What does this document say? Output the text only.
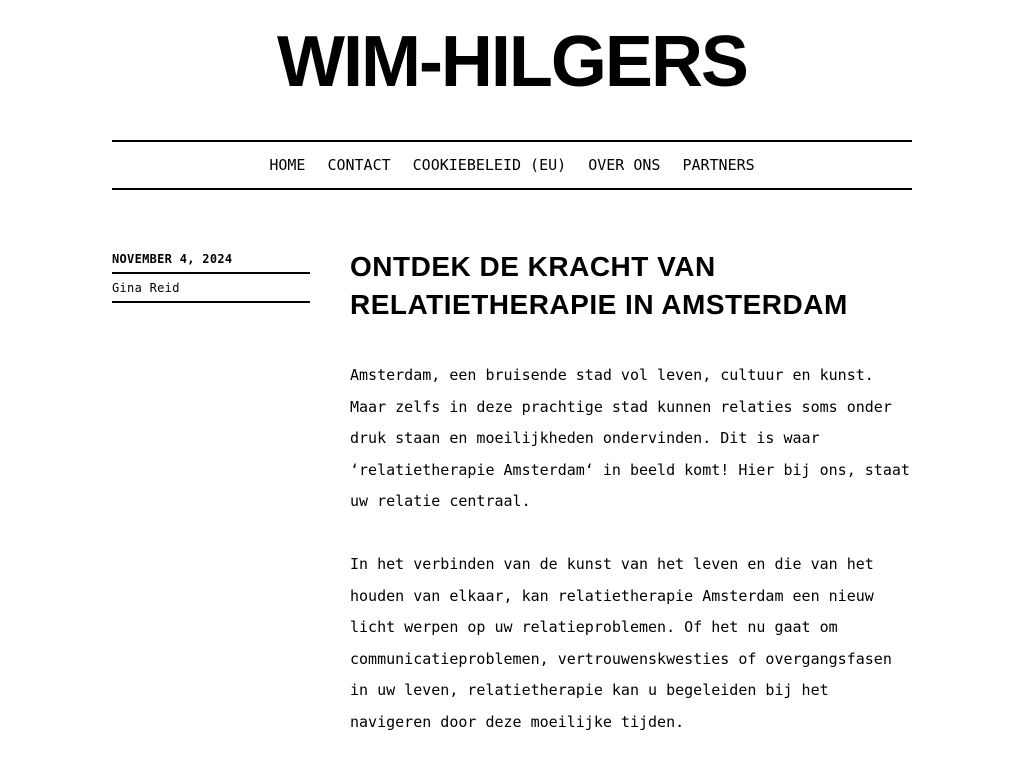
WIM-HILGERS
HOME CONTACT COOKIEBELEID (EU) OVER ONS PARTNERS
NOVEMBER 4, 2024
Gina Reid
ONTDEK DE KRACHT VAN RELATIETHERAPIE IN AMSTERDAM

Amsterdam, een bruisende stad vol leven, cultuur en kunst. Maar zelfs in deze prachtige stad kunnen relaties soms onder druk staan en moeilijkheden ondervinden. Dit is waar ‘relatietherapie Amsterdam‘ in beeld komt! Hier bij ons, staat uw relatie centraal.

In het verbinden van de kunst van het leven en die van het houden van elkaar, kan relatietherapie Amsterdam een nieuw licht werpen op uw relatieproblemen. Of het nu gaat om communicatieproblemen, vertrouwenskwesties of overgangsfasen in uw leven, relatietherapie kan u begeleiden bij het navigeren door deze moeilijke tijden.
